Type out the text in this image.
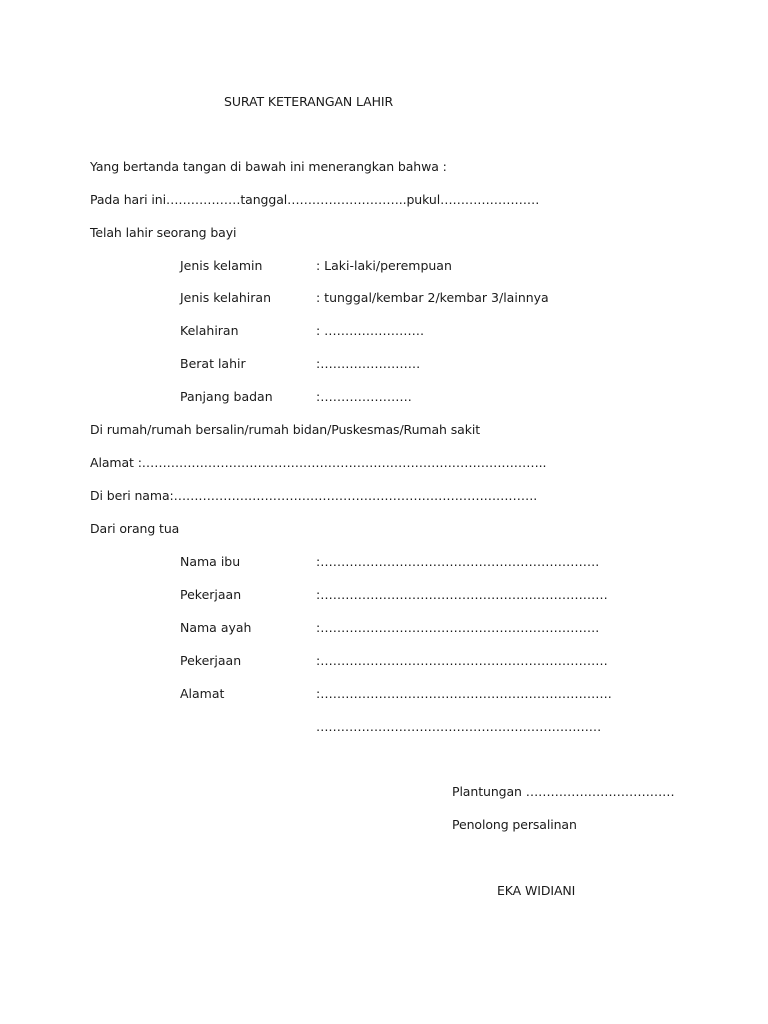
SURAT KETERANGAN LAHIR
Yang bertanda tangan di bawah ini menerangkan bahwa :
Pada hari ini………………tanggal………………………..pukul……………………
Telah lahir seorang bayi
Jenis kelamin	: Laki-laki/perempuan
Jenis kelahiran	: tunggal/kembar 2/kembar 3/lainnya
Kelahiran	: ……………………
Berat lahir	:……………………
Panjang badan	:………………….
Di rumah/rumah bersalin/rumah bidan/Puskesmas/Rumah sakit
Alamat :……………………………………………………………………………………..
Di beri nama:…………………………………………………………………………….
Dari orang tua
Nama ibu	:………………………………………………………….
Pekerjaan	:……………………………………………………………
Nama ayah	:………………………………………………………….
Pekerjaan	:……………………………………………………………
Alamat	:…………………………………………………………….
……………………………………………………………
Plantungan ………………………………
Penolong persalinan
EKA WIDIANI
